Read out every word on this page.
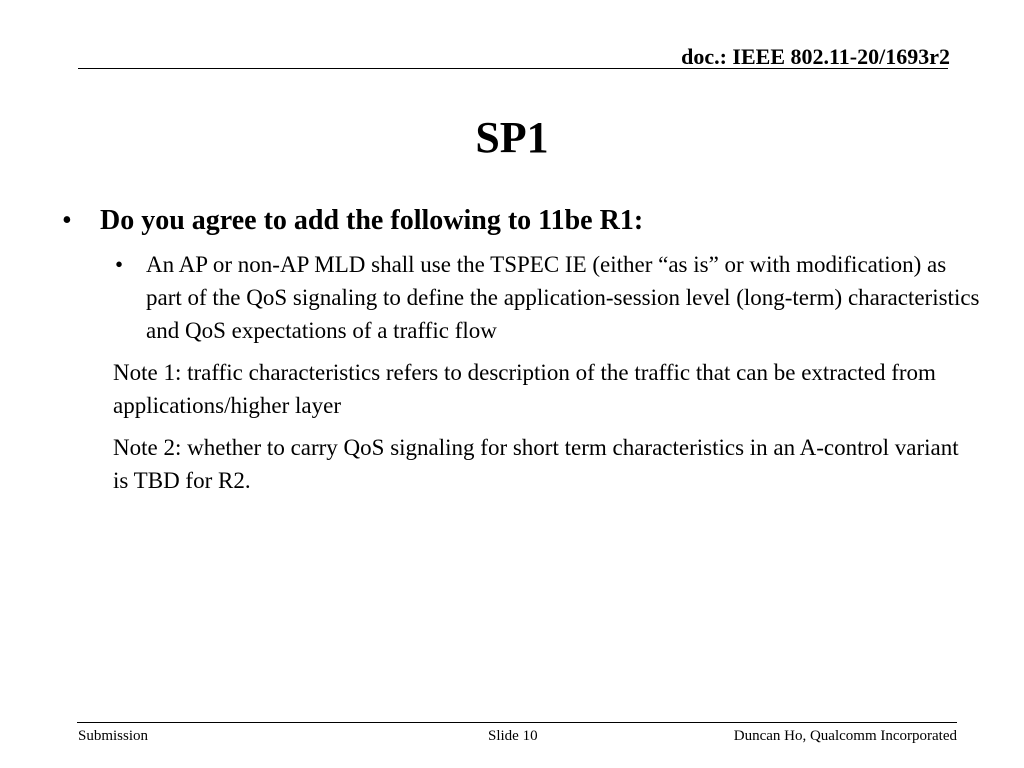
doc.: IEEE 802.11-20/1693r2
SP1
• Do you agree to add the following to 11be R1:
• An AP or non-AP MLD shall use the TSPEC IE (either “as is” or with modification) as part of the QoS signaling to define the application-session level (long-term) characteristics and QoS expectations of a traffic flow
Note 1: traffic characteristics refers to description of the traffic that can be extracted from applications/higher layer
Note 2: whether to carry QoS signaling for short term characteristics in an A-control variant is TBD for R2.
Submission	Slide 10	Duncan Ho, Qualcomm Incorporated
